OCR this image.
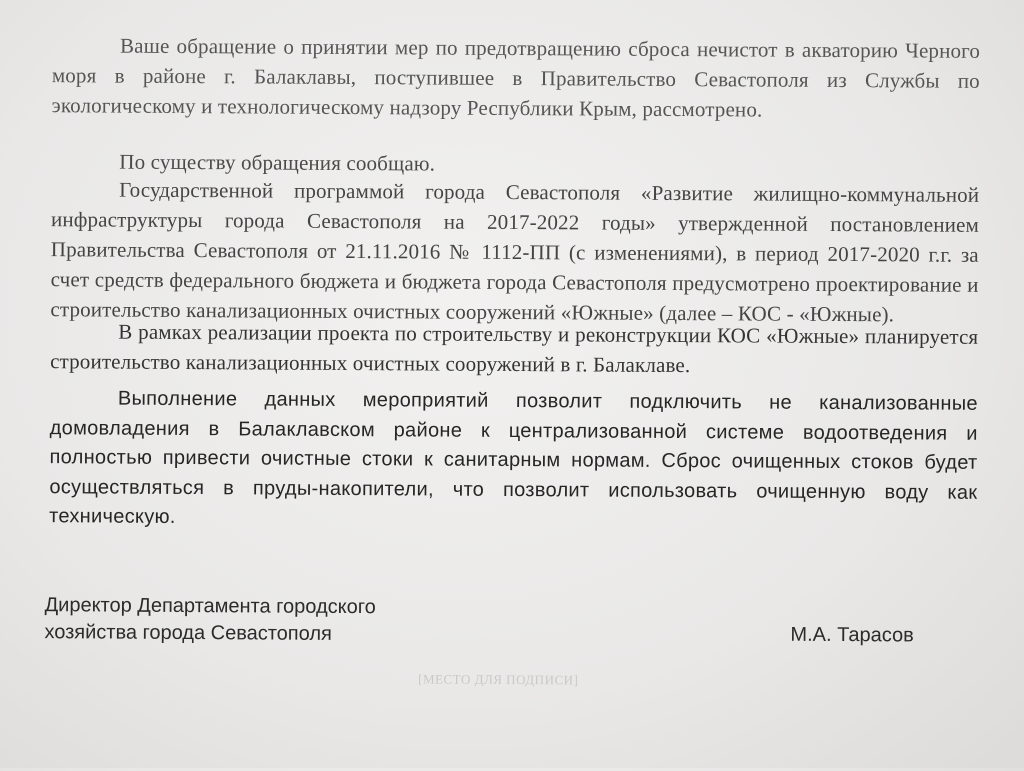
Ваше обращение о принятии мер по предотвращению сброса нечистот в акваторию Черного моря в районе г. Балаклавы, поступившее в Правительство Севастополя из Службы по экологическому и технологическому надзору Республики Крым, рассмотрено.

По существу обращения сообщаю.

Государственной программой города Севастополя «Развитие жилищно-коммунальной инфраструктуры города Севастополя на 2017-2022 годы» утвержденной постановлением Правительства Севастополя от 21.11.2016 № 1112-ПП (с изменениями), в период 2017-2020 г.г. за счет средств федерального бюджета и бюджета города Севастополя предусмотрено проектирование и строительство канализационных очистных сооружений «Южные» (далее – КОС - «Южные).

В рамках реализации проекта по строительству и реконструкции КОС «Южные» планируется строительство канализационных очистных сооружений в г. Балаклаве.

Выполнение данных мероприятий позволит подключить не канализованные домовладения в Балаклавском районе к централизованной системе водоотведения и полностью привести очистные стоки к санитарным нормам. Сброс очищенных стоков будет осуществляться в пруды-накопители, что позволит использовать очищенную воду как техническую.

Директор Департамента городского
хозяйства города Севастополя	М.А. Тарасов
[МЕСТО ДЛЯ ПОДПИСИ]
